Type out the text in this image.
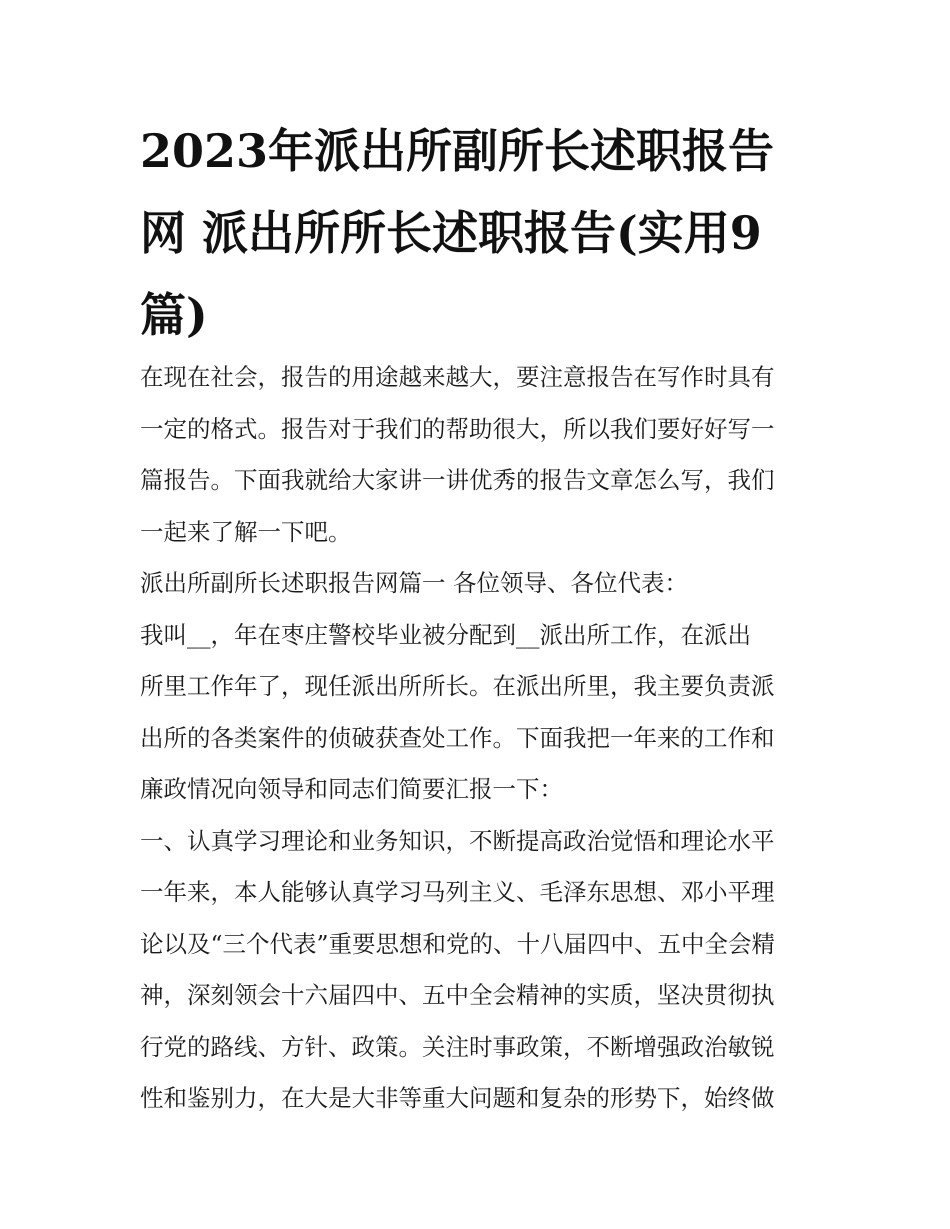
2023年派出所副所长述职报告
网 派出所所长述职报告(实用9
篇)
在现在社会，报告的用途越来越大，要注意报告在写作时具有
一定的格式。报告对于我们的帮助很大，所以我们要好好写一
篇报告。下面我就给大家讲一讲优秀的报告文章怎么写，我们
一起来了解一下吧。
派出所副所长述职报告网篇一 各位领导、各位代表：
我叫__，年在枣庄警校毕业被分配到__派出所工作，在派出
所里工作年了，现任派出所所长。在派出所里，我主要负责派
出所的各类案件的侦破获查处工作。下面我把一年来的工作和
廉政情况向领导和同志们简要汇报一下：
一、认真学习理论和业务知识，不断提高政治觉悟和理论水平
一年来，本人能够认真学习马列主义、毛泽东思想、邓小平理
论以及“三个代表”重要思想和党的、十八届四中、五中全会精
神，深刻领会十六届四中、五中全会精神的实质，坚决贯彻执
行党的路线、方针、政策。关注时事政策，不断增强政治敏锐
性和鉴别力，在大是大非等重大问题和复杂的形势下，始终做
